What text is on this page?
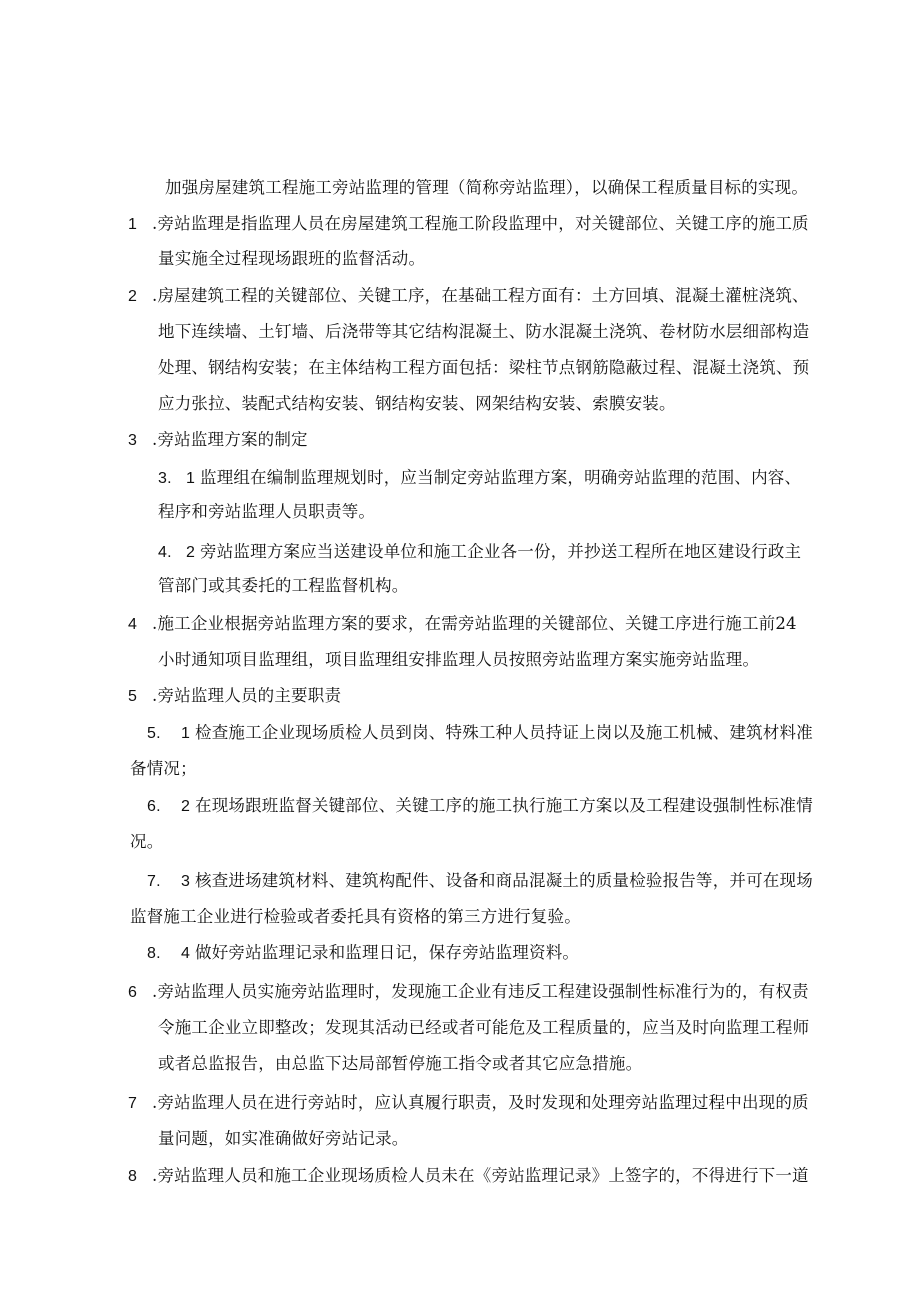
加强房屋建筑工程施工旁站监理的管理（简称旁站监理），以确保工程质量目标的实现。
1 .旁站监理是指监理人员在房屋建筑工程施工阶段监理中，对关键部位、关键工序的施工质
量实施全过程现场跟班的监督活动。
2 .房屋建筑工程的关键部位、关键工序，在基础工程方面有：土方回填、混凝土灌桩浇筑、
地下连续墙、土钉墙、后浇带等其它结构混凝土、防水混凝土浇筑、卷材防水层细部构造
处理、钢结构安装；在主体结构工程方面包括：梁柱节点钢筋隐蔽过程、混凝土浇筑、预
应力张拉、装配式结构安装、钢结构安装、网架结构安装、索膜安装。
3 .旁站监理方案的制定
3. 1 监理组在编制监理规划时，应当制定旁站监理方案，明确旁站监理的范围、内容、
程序和旁站监理人员职责等。
4. 2 旁站监理方案应当送建设单位和施工企业各一份，并抄送工程所在地区建设行政主
管部门或其委托的工程监督机构。
4 .施工企业根据旁站监理方案的要求，在需旁站监理的关键部位、关键工序进行施工前24
小时通知项目监理组，项目监理组安排监理人员按照旁站监理方案实施旁站监理。
5 .旁站监理人员的主要职责
5. 1 检查施工企业现场质检人员到岗、特殊工种人员持证上岗以及施工机械、建筑材料准
备情况；
6. 2 在现场跟班监督关键部位、关键工序的施工执行施工方案以及工程建设强制性标准情
况。
7. 3 核查进场建筑材料、建筑构配件、设备和商品混凝土的质量检验报告等，并可在现场
监督施工企业进行检验或者委托具有资格的第三方进行复验。
8. 4 做好旁站监理记录和监理日记，保存旁站监理资料。
6 .旁站监理人员实施旁站监理时，发现施工企业有违反工程建设强制性标准行为的，有权责
令施工企业立即整改；发现其活动已经或者可能危及工程质量的，应当及时向监理工程师
或者总监报告，由总监下达局部暂停施工指令或者其它应急措施。
7 .旁站监理人员在进行旁站时，应认真履行职责，及时发现和处理旁站监理过程中出现的质
量问题，如实准确做好旁站记录。
8 .旁站监理人员和施工企业现场质检人员未在《旁站监理记录》上签字的，不得进行下一道
